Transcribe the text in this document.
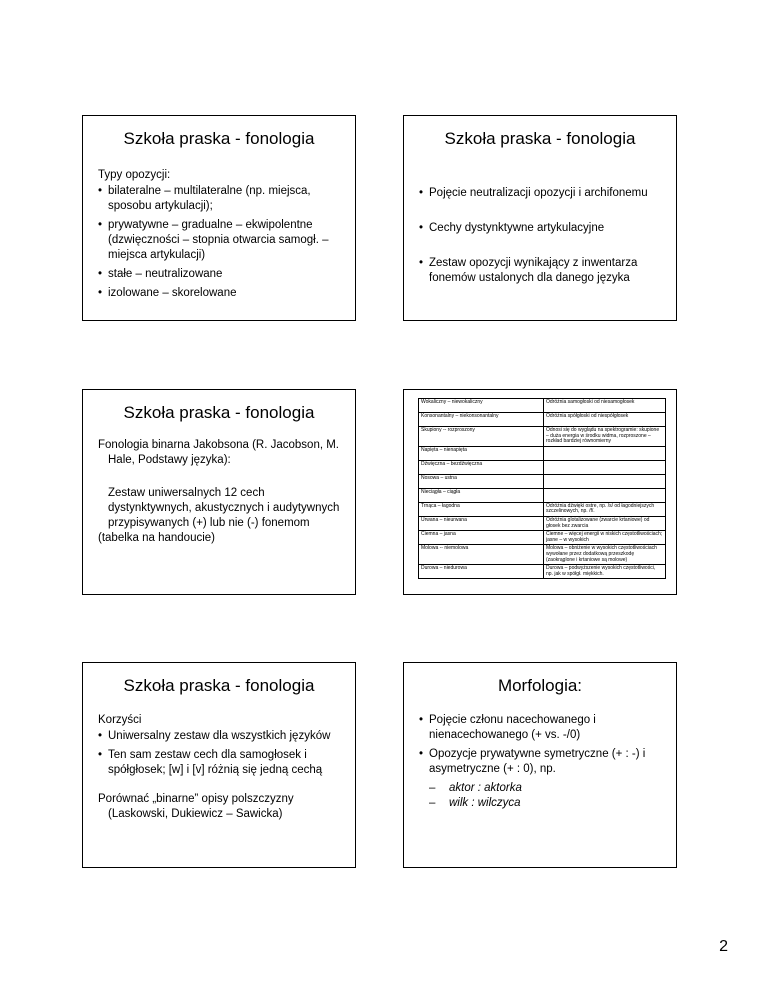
Szkoła praska - fonologia

Typy opozycji:

• bilateralne – multilateralne (np. miejsca, sposobu artykulacji);
• prywatywne – gradualne – ekwipolentne (dzwięczności – stopnia otwarcia samogł. – miejsca artykulacji)
• stałe – neutralizowane
• izolowane – skorelowane
Szkoła praska - fonologia
• Pojęcie neutralizacji opozycji i archifonemu
• Cechy dystynktywne artykulacyjne
• Zestaw opozycji wynikający z inwentarza fonemów ustalonych dla danego języka
Szkoła praska - fonologia

Fonologia binarna Jakobsona (R. Jacobson, M. Hale, Podstawy języka):

Zestaw uniwersalnych 12 cech dystynktywnych, akustycznych i audytywnych przypisywanych (+) lub nie (-) fonemom

(tabelka na handoucie)

Wokaliczny – niewokaliczny	Odróżnia samogłoski od niesamogłosek
Konsonantalny – niekonsonantalny	Odróżnia spółgłoski od niespółgłosek
Skupiony -- rozproszony	Odnosi się do wyglądu na spektrogramie: skupione – duża energia w środku widma, rozproszone – rozkład bardziej równomierny
Napięta – nienapięta	
Dźwięczna – bezdźwięczna	
Nosowa – ustna	
Nieciągła – ciągła	
Trnąca – łagodna	Odróżnia dźwięki ostre, np. /s/ od łagodniejszych szczelinowych, np. /f/.
Urwana – nieurwana	Odróżnia glotalizowane (zwarcie krtaniowe) od głosek bez zwarcia
Ciemna – jasna	Ciemne – więcej energii w niskich częstotliwościach; jasne – w wysokich
Molowa -- niemolowa	Molowa – obniżenie w wysokich częstotliwościach wywołane przez dodatkową przeszkodę (zaokrąglone i krtaniowe są molowe)
Durowa – niedurowa	Durowa – podwyższenie wysokich częstotliwości, np. jak w spółgł. miękkich.
Szkoła praska - fonologia

Korzyści

• Uniwersalny zestaw dla wszystkich języków
• Ten sam zestaw cech dla samogłosek i spółgłosek; [w] i [v] różnią się jedną cechą

Porównać „binarne” opisy polszczyzny (Laskowski, Dukiewicz – Sawicka)

Morfologia:
• Pojęcie członu nacechowanego i nienacechowanego (+ vs. -/0)
• Opozycje prywatywne symetryczne (+ : -) i asymetryczne (+ : 0), np.
– aktor : aktorka
– wilk : wilczyca
2
